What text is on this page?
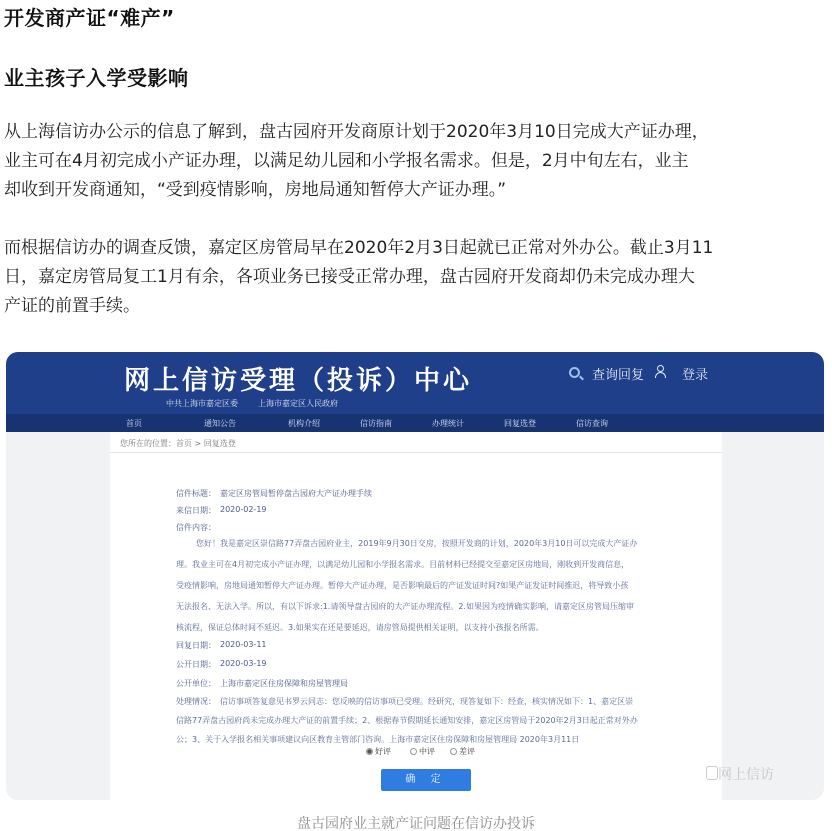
开发商产证“难产”
业主孩子入学受影响
从上海信访办公示的信息了解到，盘古园府开发商原计划于2020年3月10日完成大产证办理，
业主可在4月初完成小产证办理，以满足幼儿园和小学报名需求。但是，2月中旬左右，业主
却收到开发商通知，“受到疫情影响，房地局通知暂停大产证办理。”
而根据信访办的调查反馈，嘉定区房管局早在2020年2月3日起就已正常对外办公。截止3月11
日，嘉定房管局复工1月有余，各项业务已接受正常办理，盘古园府开发商却仍未完成办理大
产证的前置手续。
网上信访受理（投诉）中心
中共上海市嘉定区委	上海市嘉定区人民政府
查询回复	登录
首页	通知公告	机构介绍	信访指南	办理统计	回复选登	信访查询
您所在的位置：首页 > 回复选登
信件标题： 嘉定区房管局暂停盘古园府大产证办理手续
来信日期： 2020-02-19
信件内容：
您好！我是嘉定区崇信路77弄盘古园府业主，2019年9月30日交房，按照开发商的计划，2020年3月10日可以完成大产证办
理。我业主可在4月初完成小产证办理，以满足幼儿园和小学报名需求。目前材料已经提交至嘉定区房地局，刚收到开发商信息，
受疫情影响，房地局通知暂停大产证办理。暂停大产证办理，是否影响最后的产证发证时间?如果产证发证时间推迟，将导致小孩
无法报名、无法入学。所以，有以下诉求:1.请领导盘古园府的大产证办理流程。2.如果因为疫情确实影响，请嘉定区房管局压缩审
核流程，保证总体时间不延迟。3.如果实在还是要延迟，请房管局提供相关证明，以支持小孩报名所需。
回复日期： 2020-03-11
公开日期： 2020-03-19
公开单位： 上海市嘉定区住房保障和房屋管理局
处理情况： 信访事项答复意见书罗云同志：您反映的信访事项已受理。经研究，现答复如下：经查，核实情况如下：1、嘉定区崇
信路77弄盘古园府尚未完成办理大产证的前置手续；2、根据春节假期延长通知安排，嘉定区房管局于2020年2月3日起正常对外办
公；3、关于入学报名相关事项建议向区教育主管部门咨询。上海市嘉定区住房保障和房屋管理局 2020年3月11日
好评	中评	差评
确 定	网上信访
盘古园府业主就产证问题在信访办投诉
